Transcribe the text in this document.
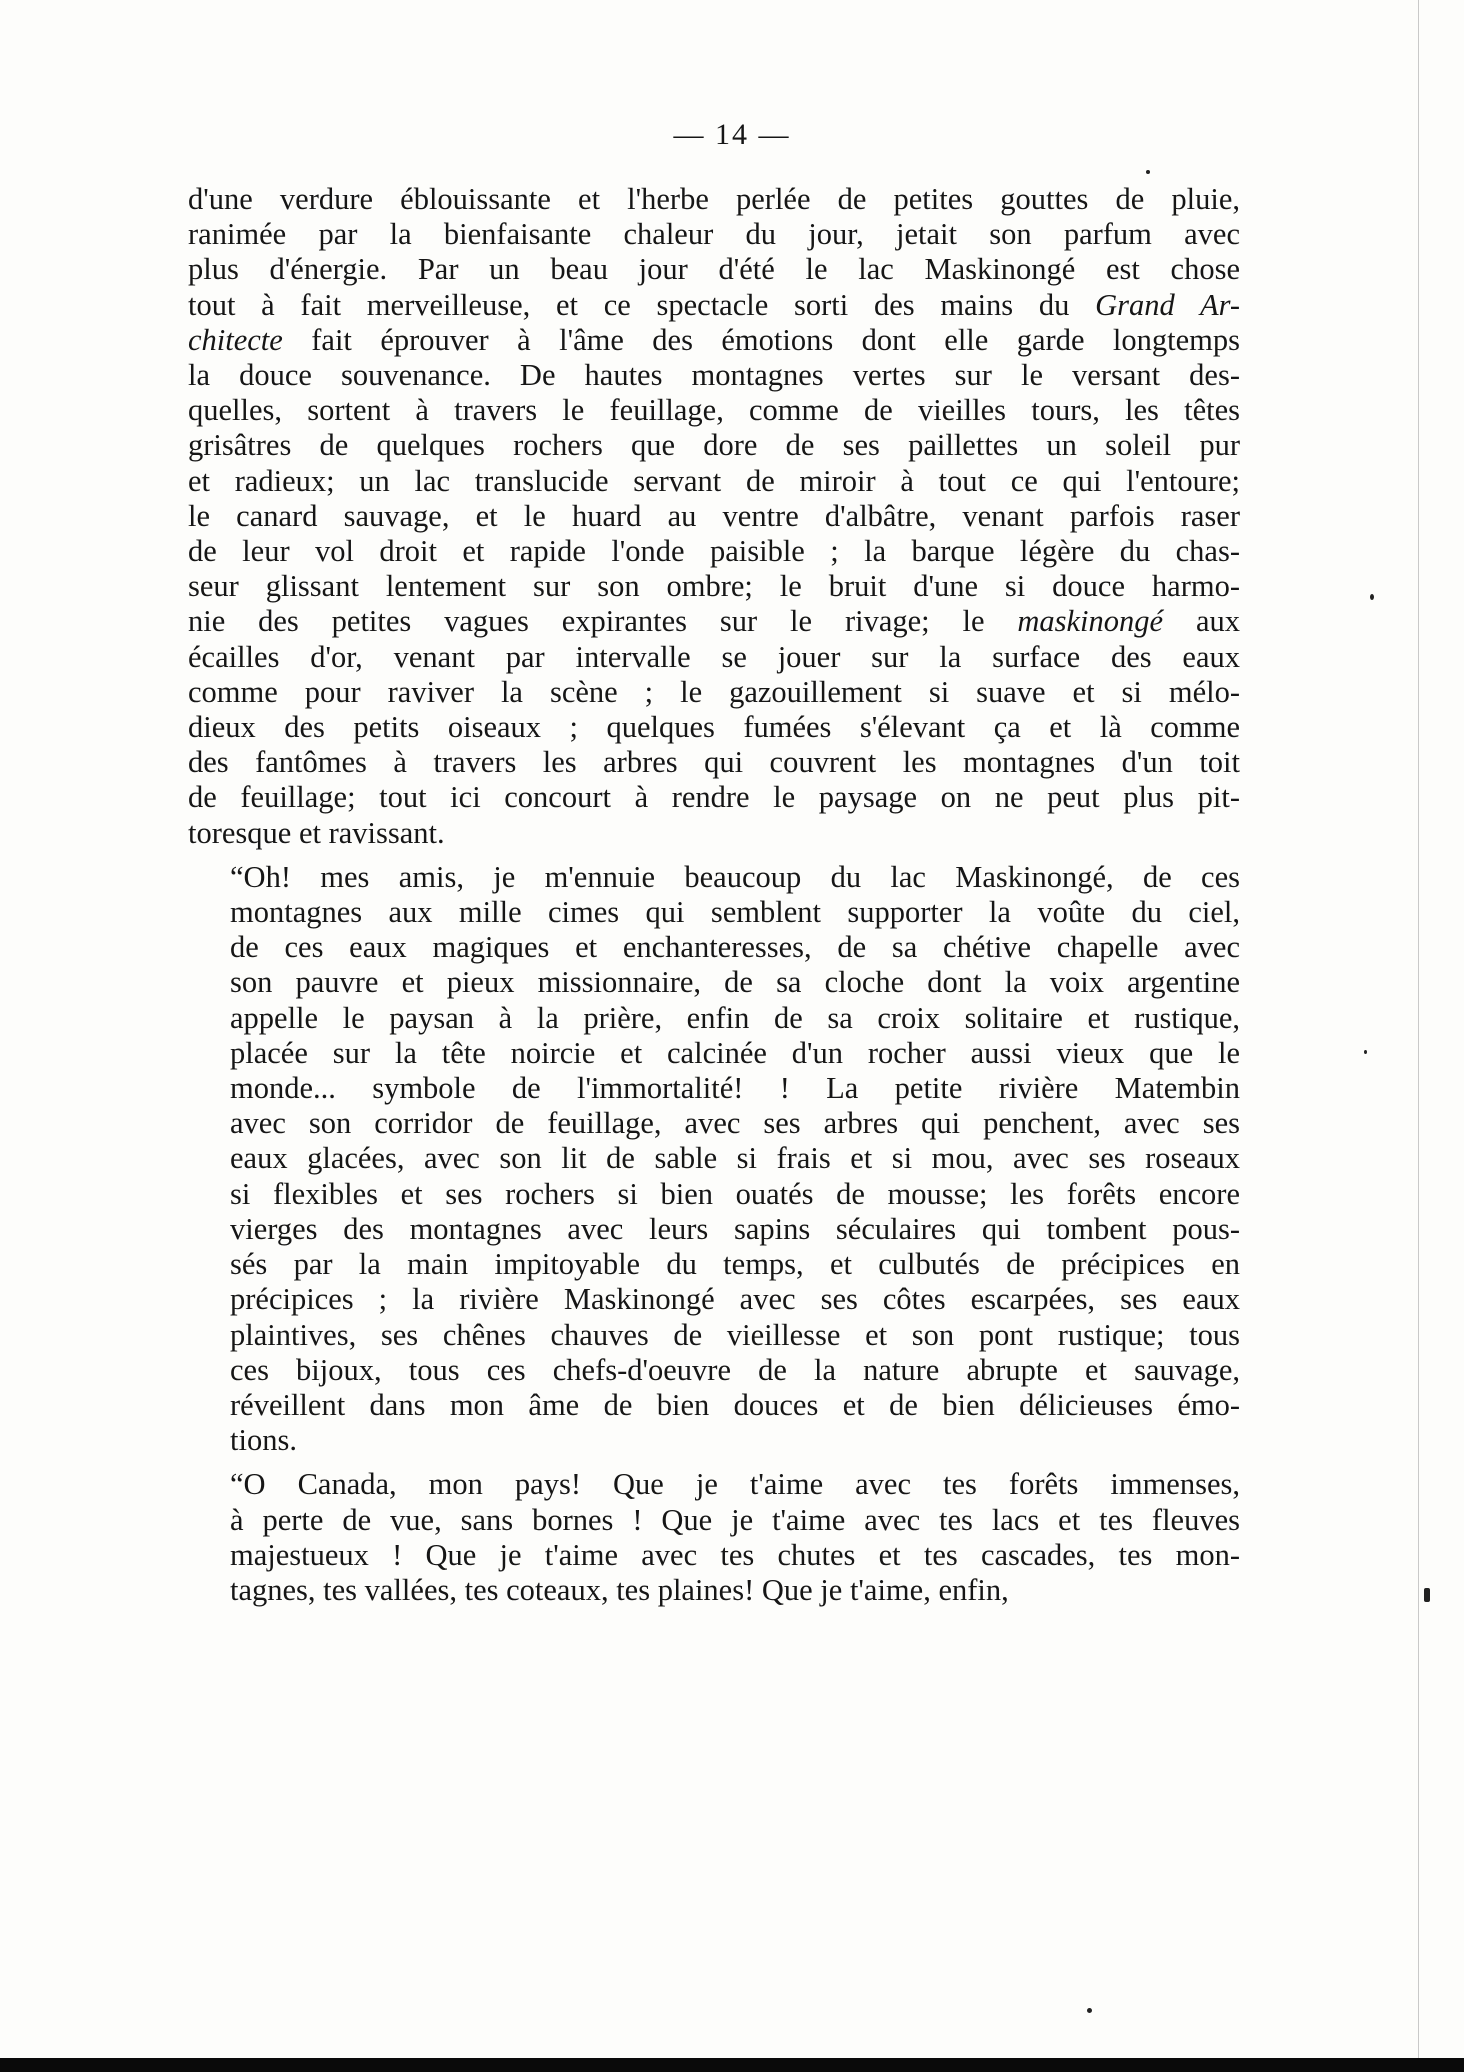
— 14 —

d'une verdure éblouissante et l'herbe perlée de petites gouttes de pluie,
ranimée par la bienfaisante chaleur du jour, jetait son parfum avec
plus d'énergie. Par un beau jour d'été le lac Maskinongé est chose
tout à fait merveilleuse, et ce spectacle sorti des mains du Grand Ar-
chitecte fait éprouver à l'âme des émotions dont elle garde longtemps
la douce souvenance. De hautes montagnes vertes sur le versant des-
quelles, sortent à travers le feuillage, comme de vieilles tours, les têtes
grisâtres de quelques rochers que dore de ses paillettes un soleil pur
et radieux; un lac translucide servant de miroir à tout ce qui l'entoure;
le canard sauvage, et le huard au ventre d'albâtre, venant parfois raser
de leur vol droit et rapide l'onde paisible ; la barque légère du chas-
seur glissant lentement sur son ombre; le bruit d'une si douce harmo-
nie des petites vagues expirantes sur le rivage; le maskinongé aux
écailles d'or, venant par intervalle se jouer sur la surface des eaux
comme pour raviver la scène ; le gazouillement si suave et si mélo-
dieux des petits oiseaux ; quelques fumées s'élevant ça et là comme
des fantômes à travers les arbres qui couvrent les montagnes d'un toit
de feuillage; tout ici concourt à rendre le paysage on ne peut plus pit-
toresque et ravissant.

“Oh! mes amis, je m'ennuie beaucoup du lac Maskinongé, de ces
montagnes aux mille cimes qui semblent supporter la voûte du ciel,
de ces eaux magiques et enchanteresses, de sa chétive chapelle avec
son pauvre et pieux missionnaire, de sa cloche dont la voix argentine
appelle le paysan à la prière, enfin de sa croix solitaire et rustique,
placée sur la tête noircie et calcinée d'un rocher aussi vieux que le
monde... symbole de l'immortalité! ! La petite rivière Matembin
avec son corridor de feuillage, avec ses arbres qui penchent, avec ses
eaux glacées, avec son lit de sable si frais et si mou, avec ses roseaux
si flexibles et ses rochers si bien ouatés de mousse; les forêts encore
vierges des montagnes avec leurs sapins séculaires qui tombent pous-
sés par la main impitoyable du temps, et culbutés de précipices en
précipices ; la rivière Maskinongé avec ses côtes escarpées, ses eaux
plaintives, ses chênes chauves de vieillesse et son pont rustique; tous
ces bijoux, tous ces chefs-d'oeuvre de la nature abrupte et sauvage,
réveillent dans mon âme de bien douces et de bien délicieuses émo-
tions.

“O Canada, mon pays! Que je t'aime avec tes forêts immenses,
à perte de vue, sans bornes ! Que je t'aime avec tes lacs et tes fleuves
majestueux ! Que je t'aime avec tes chutes et tes cascades, tes mon-
tagnes, tes vallées, tes coteaux, tes plaines! Que je t'aime, enfin,
